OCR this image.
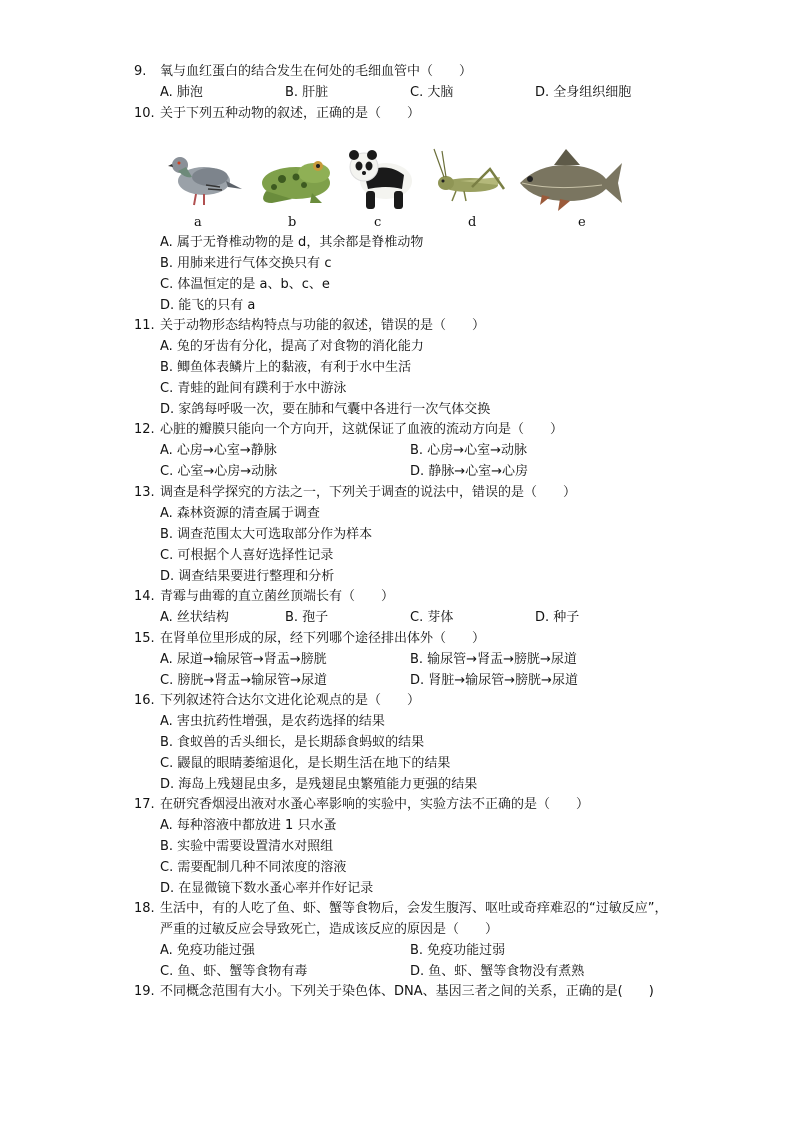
9.	氧与血红蛋白的结合发生在何处的毛细血管中（　　）
A. 肺泡	B. 肝脏	C. 大脑	D. 全身组织细胞
10. 关于下列五种动物的叙述，正确的是（　　）
a	b	c	d	e
A. 属于无脊椎动物的是 d，其余都是脊椎动物
B. 用肺来进行气体交换只有 c
C. 体温恒定的是 a、b、c、e
D. 能飞的只有 a
11. 关于动物形态结构特点与功能的叙述，错误的是（　　）
A. 兔的牙齿有分化，提高了对食物的消化能力
B. 鲫鱼体表鳞片上的黏液，有利于水中生活
C. 青蛙的趾间有蹼利于水中游泳
D. 家鸽每呼吸一次，要在肺和气囊中各进行一次气体交换
12. 心脏的瓣膜只能向一个方向开，这就保证了血液的流动方向是（　　）
A. 心房→心室→静脉	B. 心房→心室→动脉
C. 心室→心房→动脉	D. 静脉→心室→心房
13. 调查是科学探究的方法之一，下列关于调查的说法中，错误的是（　　）
A. 森林资源的清查属于调查
B. 调查范围太大可选取部分作为样本
C. 可根据个人喜好选择性记录
D. 调查结果要进行整理和分析
14. 青霉与曲霉的直立菌丝顶端长有（　　）
A. 丝状结构	B. 孢子	C. 芽体	D. 种子
15. 在肾单位里形成的尿，经下列哪个途径排出体外（　　）
A. 尿道→输尿管→肾盂→膀胱	B. 输尿管→肾盂→膀胱→尿道
C. 膀胱→肾盂→输尿管→尿道	D. 肾脏→输尿管→膀胱→尿道
16. 下列叙述符合达尔文进化论观点的是（　　）
A. 害虫抗药性增强，是农药选择的结果
B. 食蚁兽的舌头细长，是长期舔食蚂蚁的结果
C. 鼹鼠的眼睛萎缩退化，是长期生活在地下的结果
D. 海岛上残翅昆虫多，是残翅昆虫繁殖能力更强的结果
17. 在研究香烟浸出液对水蚤心率影响的实验中，实验方法不正确的是（　　）
A. 每种溶液中都放进 1 只水蚤
B. 实验中需要设置清水对照组
C. 需要配制几种不同浓度的溶液
D. 在显微镜下数水蚤心率并作好记录
18. 生活中，有的人吃了鱼、虾、蟹等食物后，会发生腹泻、呕吐或奇痒难忍的“过敏反应”，严重的过敏反应会导致死亡，造成该反应的原因是（　　）
A. 免疫功能过强	B. 免疫功能过弱
C. 鱼、虾、蟹等食物有毒	D. 鱼、虾、蟹等食物没有煮熟
19. 不同概念范围有大小。下列关于染色体、DNA、基因三者之间的关系，正确的是(　　)
